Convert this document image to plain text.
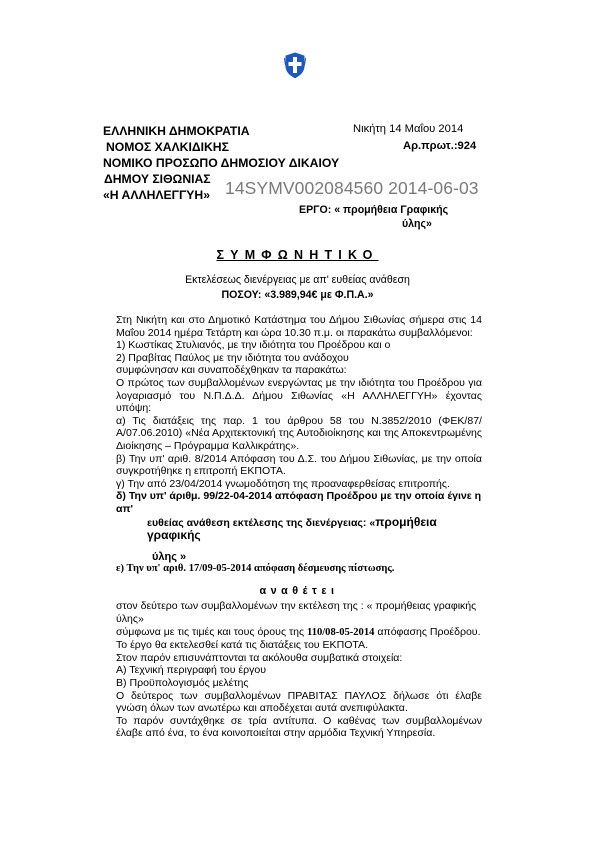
ΕΛΛΗΝΙΚΗ ΔΗΜΟΚΡΑΤΙΑ
ΝΟΜΟΣ ΧΑΛΚΙΔΙΚΗΣ
ΝΟΜΙΚΟ ΠΡΟΣΩΠΟ ΔΗΜΟΣΙΟΥ ΔΙΚΑΙΟΥ
ΔΗΜΟΥ ΣΙΘΩΝΙΑΣ
«Η ΑΛΛΗΛΕΓΓΥΗ»
Νικήτη 14 Μαΐου 2014
Αρ.πρωτ.:924
14SYMV002084560 2014-06-03
ΕΡΓΟ: « προμήθεια Γραφικής
ύλης»
ΣΥΜΦΩΝΗΤΙΚΟ
Εκτελέσεως διενέργειας με απ' ευθείας ανάθεση
ΠΟΣΟΥ: «3.989,94€ με Φ.Π.Α.»

Στη Νικήτη και στο Δημοτικό Κατάστημα του Δήμου Σιθωνίας σήμερα στις 14 Μαΐου 2014 ημέρα Τετάρτη και ώρα 10.30 π.μ. οι παρακάτω συμβαλλόμενοι:

1) Κωστίκας Στυλιανός, με την ιδιότητα του Προέδρου και ο

2) Πραβίτας Παύλος με την ιδιότητα του ανάδοχου

συμφώνησαν και συναποδέχθηκαν τα παρακάτω:

Ο πρώτος των συμβαλλομένων ενεργώντας με την ιδιότητα του Προέδρου για λογαριασμό του Ν.Π.Δ.Δ. Δήμου Σιθωνίας «Η ΑΛΛΗΛΕΓΓΥΗ» έχοντας υπόψη:

α) Τις διατάξεις της παρ. 1 του άρθρου 58 του Ν.3852/2010 (ΦΕΚ/87/Α/07.06.2010) «Νέα Αρχιτεκτονική της Αυτοδιοίκησης και της Αποκεντρωμένης Διοίκησης – Πρόγραμμα Καλλικράτης».

β) Την υπ' αριθ. 8/2014 Απόφαση του Δ.Σ. του Δήμου Σιθωνίας, με την οποία συγκροτήθηκε η επιτροπή ΕΚΠΟΤΑ.

γ) Την από 23/04/2014 γνωμοδότηση της προαναφερθείσας επιτροπής.

δ) Την υπ' άριθμ. 99/22-04-2014 απόφαση Προέδρου με την οποία έγινε η απ'

ευθείας ανάθεση εκτέλεσης της διενέργειας: «προμήθεια γραφικής

ύλης »

ε) Την υπ' αριθ. 17/09-05-2014 απόφαση δέσμευσης πίστωσης.

αναθέτει

στον δεύτερο των συμβαλλομένων την εκτέλεση της : « προμήθειας γραφικής ύλης»

σύμφωνα με τις τιμές και τους όρους της 110/08-05-2014 απόφασης Προέδρου.

Το έργο θα εκτελεσθεί κατά τις διατάξεις του ΕΚΠΟΤΑ.

Στον παρόν επισυνάπτονται τα ακόλουθα συμβατικά στοιχεία:

Α) Τεχνική περιγραφή του έργου

Β) Προϋπολογισμός μελέτης

Ο δεύτερος των συμβαλλομένων ΠΡΑΒΙΤΑΣ ΠΑΥΛΟΣ δήλωσε ότι έλαβε γνώση όλων των ανωτέρω και αποδέχεται αυτά ανεπιφύλακτα.

Το παρόν συντάχθηκε σε τρία αντίτυπα. Ο καθένας των συμβαλλομένων έλαβε από ένα, το ένα κοινοποιείται στην αρμόδια Τεχνική Υπηρεσία.
